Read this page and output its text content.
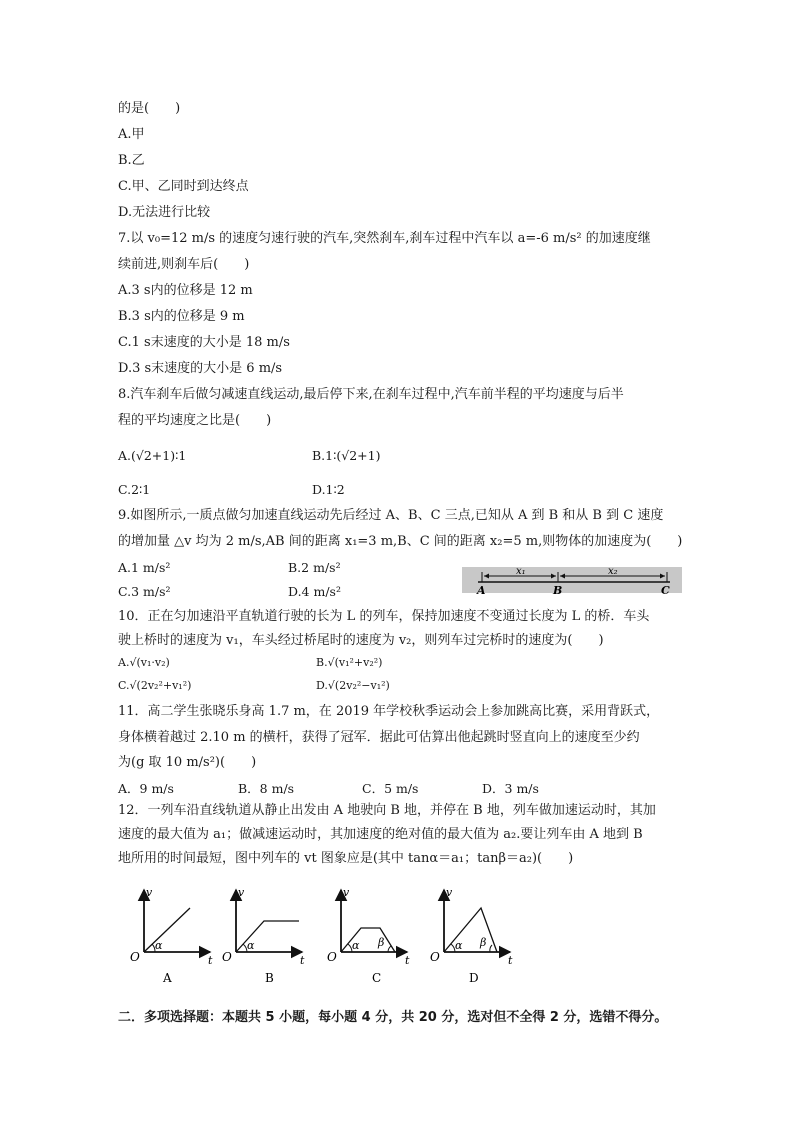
的是(　　)
A.甲
B.乙
C.甲、乙同时到达终点
D.无法进行比较
7.以 v₀=12 m/s 的速度匀速行驶的汽车,突然刹车,刹车过程中汽车以 a=-6 m/s² 的加速度继
续前进,则刹车后(　　)
A.3 s内的位移是 12 m
B.3 s内的位移是 9 m
C.1 s末速度的大小是 18 m/s
D.3 s末速度的大小是 6 m/s
8.汽车刹车后做匀减速直线运动,最后停下来,在刹车过程中,汽车前半程的平均速度与后半
程的平均速度之比是(　　)
A.(√2+1)∶1	B.1∶(√2+1)
C.2∶1	D.1∶2
9.如图所示,一质点做匀加速直线运动先后经过 A、B、C 三点,已知从 A 到 B 和从 B 到 C 速度
的增加量 △v 均为 2 m/s,AB 间的距离 x₁=3 m,B、C 间的距离 x₂=5 m,则物体的加速度为(　　)
A.1 m/s²	B.2 m/s²
C.3 m/s²	D.4 m/s²
x₁	x₂
A	B	C
10．正在匀加速沿平直轨道行驶的长为 L 的列车，保持加速度不变通过长度为 L 的桥．车头
驶上桥时的速度为 v₁，车头经过桥尾时的速度为 v₂，则列车过完桥时的速度为(　　)
A.√(v₁·v₂)	B.√(v₁²+v₂²)
C.√(2v₂²+v₁²)	D.√(2v₂²−v₁²)
11．高二学生张晓乐身高 1.7 m，在 2019 年学校秋季运动会上参加跳高比赛，采用背跃式，
身体横着越过 2.10 m 的横杆，获得了冠军．据此可估算出他起跳时竖直向上的速度至少约
为(g 取 10 m/s²)(　　)
A．9 m/s	B．8 m/s	C．5 m/s	D．3 m/s
12．一列车沿直线轨道从静止出发由 A 地驶向 B 地，并停在 B 地，列车做加速运动时，其加
速度的最大值为 a₁；做减速运动时，其加速度的绝对值的最大值为 a₂.要让列车由 A 地到 B
地所用的时间最短，图中列车的 vt 图象应是(其中 tanα＝a₁；tanβ＝a₂)(　　)
v
t
O
α
A
v
t
O
α
B
v
t
O
α β
C
v
t
O
α β
D
二．多项选择题：本题共 5 小题，每小题 4 分，共 20 分，选对但不全得 2 分，选错不得分。
